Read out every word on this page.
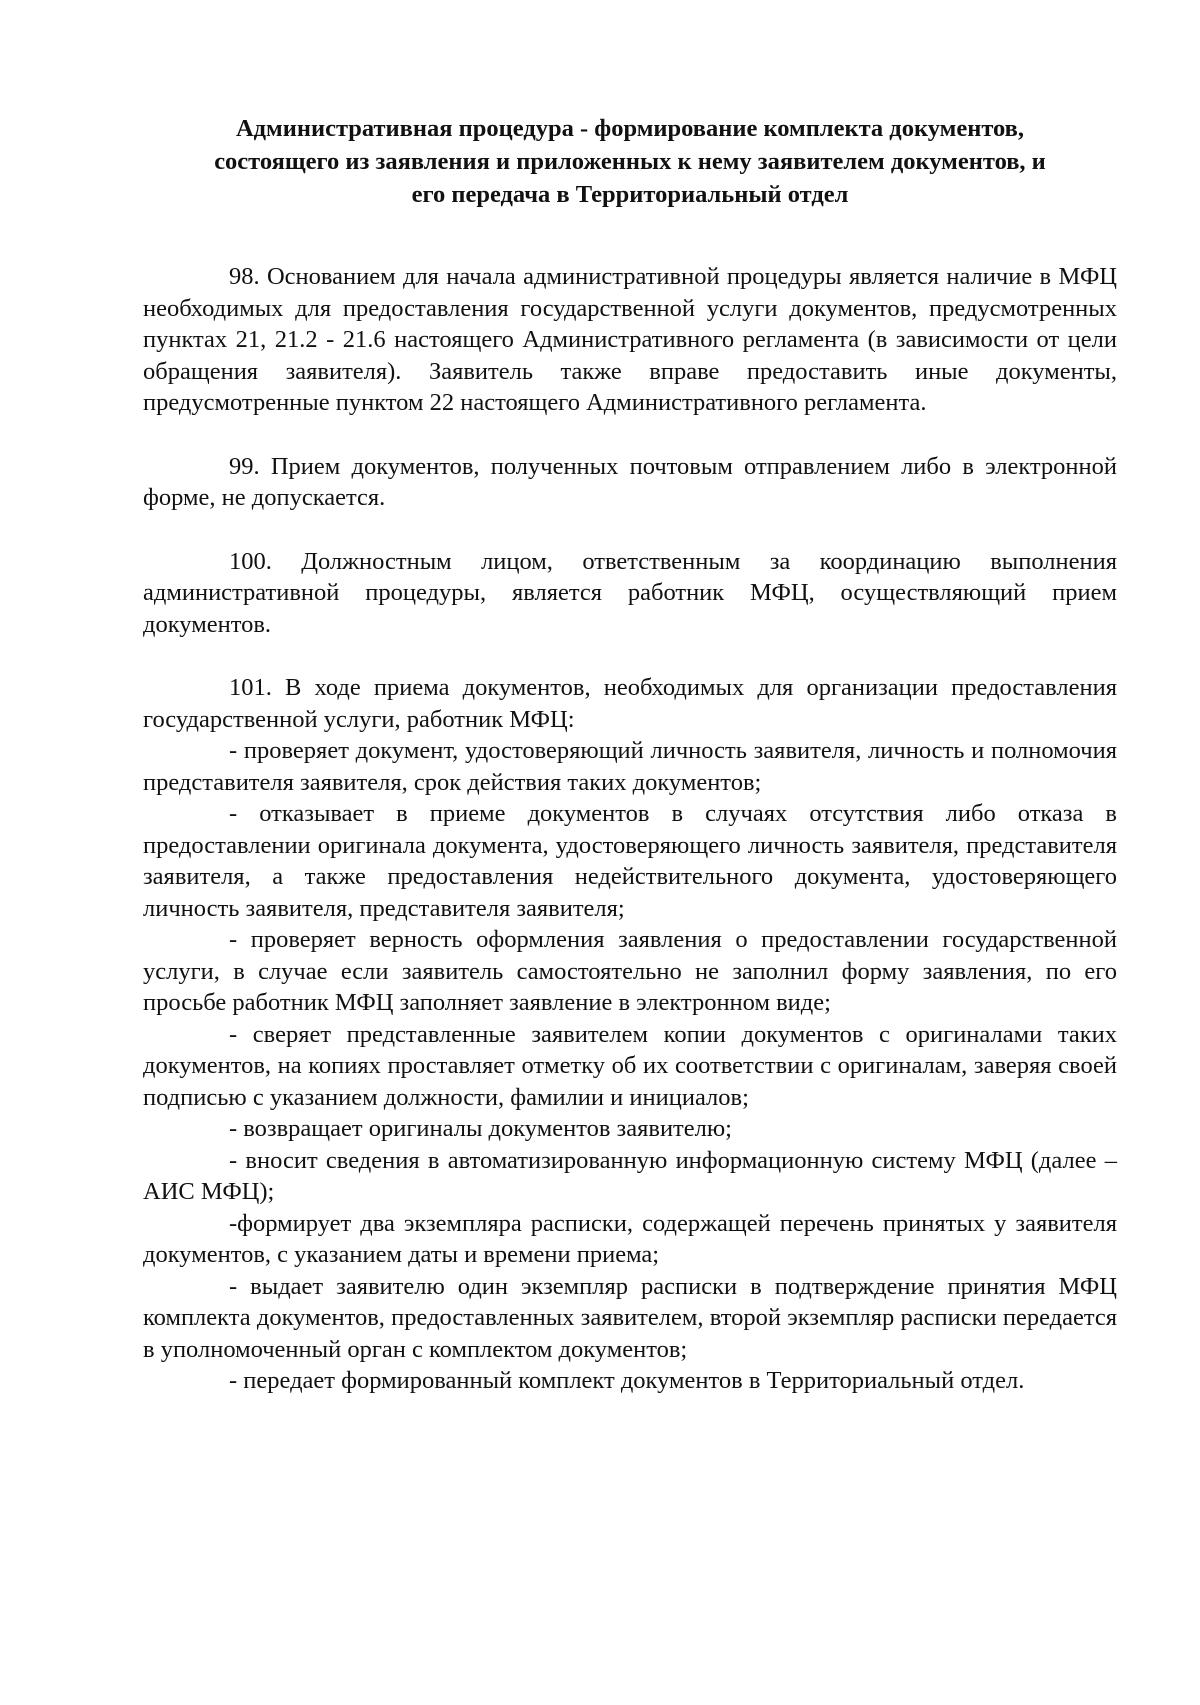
Административная процедура - формирование комплекта документов,
состоящего из заявления и приложенных к нему заявителем документов, и
его передача в Территориальный отдел

98. Основанием для начала административной процедуры является наличие в МФЦ необходимых для предоставления государственной услуги документов, предусмотренных пунктах 21, 21.2 - 21.6 настоящего Административного регламента (в зависимости от цели обращения заявителя). Заявитель также вправе предоставить иные документы, предусмотренные пунктом 22 настоящего Административного регламента.

99. Прием документов, полученных почтовым отправлением либо в электронной форме, не допускается.

100. Должностным лицом, ответственным за координацию выполнения административной процедуры, является работник МФЦ, осуществляющий прием документов.

101. В ходе приема документов, необходимых для организации предоставления государственной услуги, работник МФЦ:

- проверяет документ, удостоверяющий личность заявителя, личность и полномочия представителя заявителя, срок действия таких документов;

- отказывает в приеме документов в случаях отсутствия либо отказа в предоставлении оригинала документа, удостоверяющего личность заявителя, представителя заявителя, а также предоставления недействительного документа, удостоверяющего личность заявителя, представителя заявителя;

- проверяет верность оформления заявления о предоставлении государственной услуги, в случае если заявитель самостоятельно не заполнил форму заявления, по его просьбе работник МФЦ заполняет заявление в электронном виде;

- сверяет представленные заявителем копии документов с оригиналами таких документов, на копиях проставляет отметку об их соответствии с оригиналам, заверяя своей подписью с указанием должности, фамилии и инициалов;

- возвращает оригиналы документов заявителю;

- вносит сведения в автоматизированную информационную систему МФЦ (далее – АИС МФЦ);

-формирует два экземпляра расписки, содержащей перечень принятых у заявителя документов, с указанием даты и времени приема;

- выдает заявителю один экземпляр расписки в подтверждение принятия МФЦ комплекта документов, предоставленных заявителем, второй экземпляр расписки передается в уполномоченный орган с комплектом документов;

- передает формированный комплект документов в Территориальный отдел.
